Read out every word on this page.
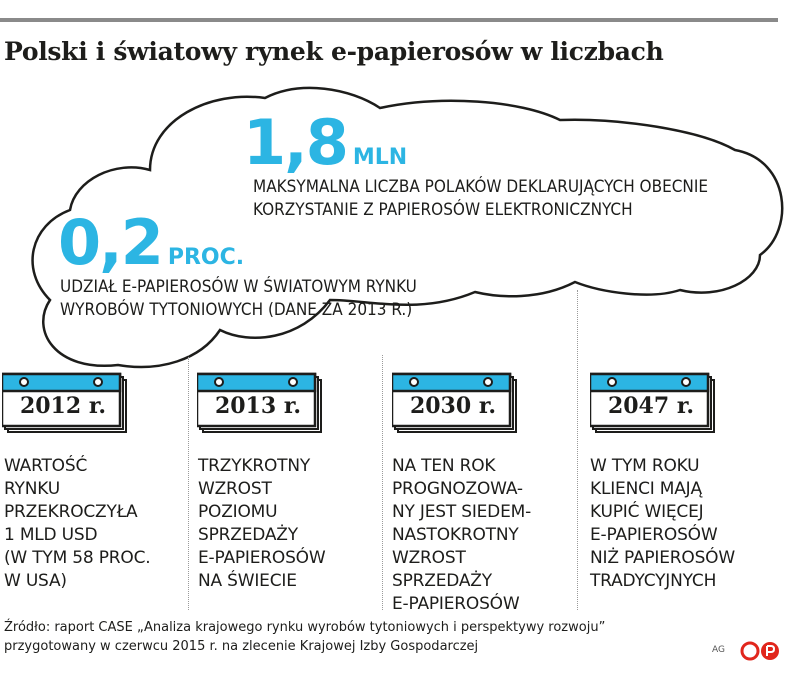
Polski i światowy rynek e-papierosów w liczbach
1,8 MLN
MAKSYMALNA LICZBA POLAKÓW DEKLARUJĄCYCH OBECNIE KORZYSTANIE Z PAPIEROSÓW ELEKTRONICZNYCH
0,2 PROC.
UDZIAŁ E-PAPIEROSÓW W ŚWIATOWYM RYNKU WYROBÓW TYTONIOWYCH (DANE ZA 2013 R.)
2012 r.	2013 r.	2030 r.	2047 r.
WARTOŚĆ
RYNKU
PRZEKROCZYŁA
1 MLD USD
(W TYM 58 PROC.
W USA)
TRZYKROTNY
WZROST
POZIOMU
SPRZEDAŻY
E-PAPIEROSÓW
NA ŚWIECIE
NA TEN ROK
PROGNOZOWA-
NY JEST SIEDEM-
NASTOKROTNY
WZROST
SPRZEDAŻY
E-PAPIEROSÓW
W TYM ROKU
KLIENCI MAJĄ
KUPIĆ WIĘCEJ
E-PAPIEROSÓW
NIŻ PAPIEROSÓW
TRADYCYJNYCH
Źródło: raport CASE „Analiza krajowego rynku wyrobów tytoniowych i perspektywy rozwoju”
przygotowany w czerwcu 2015 r. na zlecenie Krajowej Izby Gospodarczej	AG
